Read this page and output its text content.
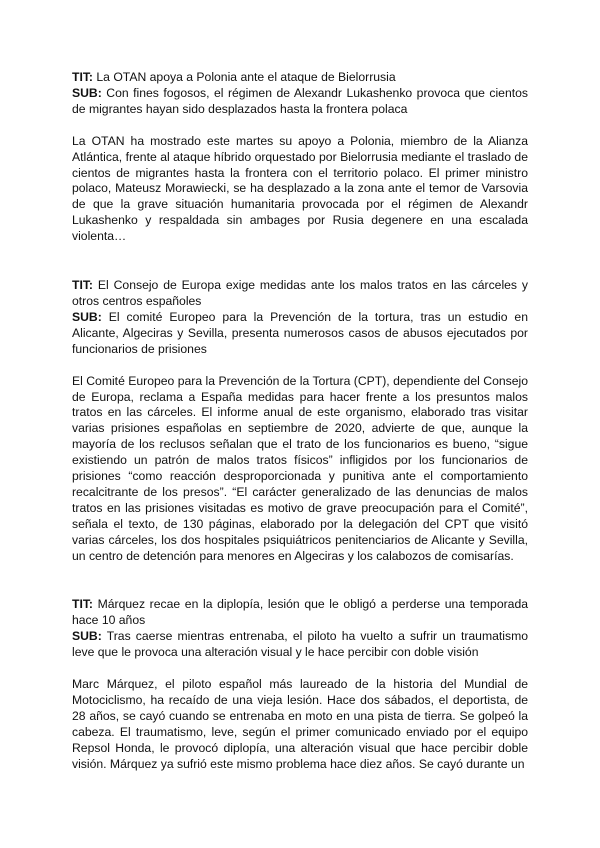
TIT: La OTAN apoya a Polonia ante el ataque de Bielorrusia

SUB: Con fines fogosos, el régimen de Alexandr Lukashenko provoca que cientos de migrantes hayan sido desplazados hasta la frontera polaca

La OTAN ha mostrado este martes su apoyo a Polonia, miembro de la Alianza Atlántica, frente al ataque híbrido orquestado por Bielorrusia mediante el traslado de cientos de migrantes hasta la frontera con el territorio polaco. El primer ministro polaco, Mateusz Morawiecki, se ha desplazado a la zona ante el temor de Varsovia de que la grave situación humanitaria provocada por el régimen de Alexandr Lukashenko y respaldada sin ambages por Rusia degenere en una escalada violenta…

TIT: El Consejo de Europa exige medidas ante los malos tratos en las cárceles y otros centros españoles

SUB: El comité Europeo para la Prevención de la tortura, tras un estudio en Alicante, Algeciras y Sevilla, presenta numerosos casos de abusos ejecutados por funcionarios de prisiones

El Comité Europeo para la Prevención de la Tortura (CPT), dependiente del Consejo de Europa, reclama a España medidas para hacer frente a los presuntos malos tratos en las cárceles. El informe anual de este organismo, elaborado tras visitar varias prisiones españolas en septiembre de 2020, advierte de que, aunque la mayoría de los reclusos señalan que el trato de los funcionarios es bueno, “sigue existiendo un patrón de malos tratos físicos” infligidos por los funcionarios de prisiones “como reacción desproporcionada y punitiva ante el comportamiento recalcitrante de los presos”. “El carácter generalizado de las denuncias de malos tratos en las prisiones visitadas es motivo de grave preocupación para el Comité”, señala el texto, de 130 páginas, elaborado por la delegación del CPT que visitó varias cárceles, los dos hospitales psiquiátricos penitenciarios de Alicante y Sevilla, un centro de detención para menores en Algeciras y los calabozos de comisarías.

TIT: Márquez recae en la diplopía, lesión que le obligó a perderse una temporada hace 10 años

SUB: Tras caerse mientras entrenaba, el piloto ha vuelto a sufrir un traumatismo leve que le provoca una alteración visual y le hace percibir con doble visión

Marc Márquez, el piloto español más laureado de la historia del Mundial de Motociclismo, ha recaído de una vieja lesión. Hace dos sábados, el deportista, de 28 años, se cayó cuando se entrenaba en moto en una pista de tierra. Se golpeó la cabeza. El traumatismo, leve, según el primer comunicado enviado por el equipo Repsol Honda, le provocó diplopía, una alteración visual que hace percibir doble visión. Márquez ya sufrió este mismo problema hace diez años. Se cayó durante un
